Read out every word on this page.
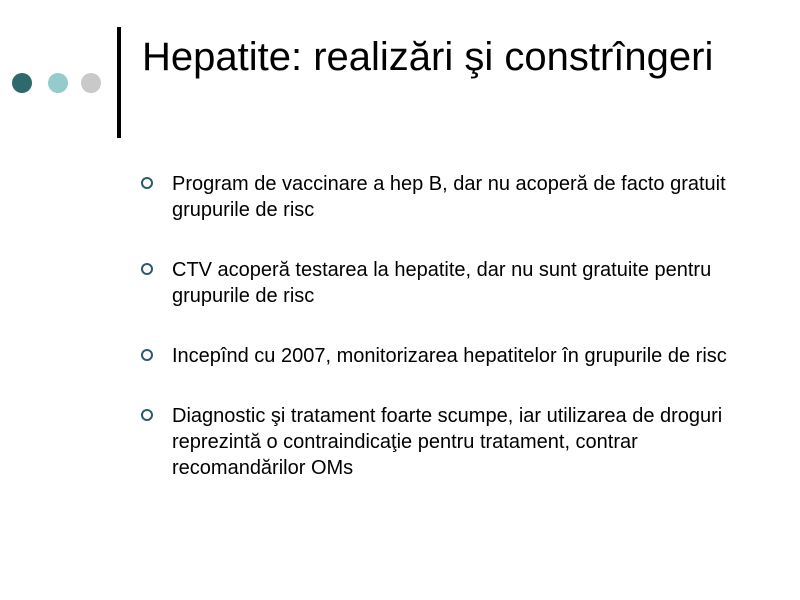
Hepatite: realizări şi constrîngeri
Program de vaccinare a hep B, dar nu acoperă de facto gratuit grupurile de risc
CTV acoperă testarea la hepatite, dar nu sunt gratuite pentru grupurile de risc
Incepînd cu 2007, monitorizarea hepatitelor în grupurile de risc
Diagnostic şi tratament foarte scumpe, iar utilizarea de droguri reprezintă o contraindicaţie pentru tratament, contrar recomandărilor OMs
